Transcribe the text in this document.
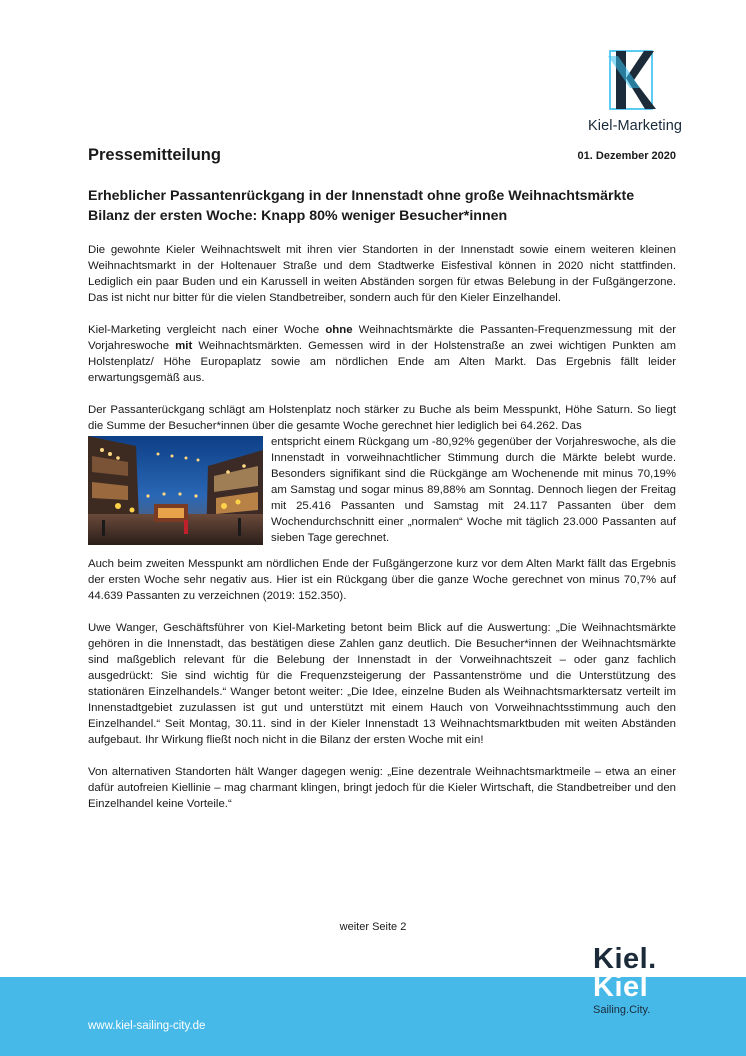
Kiel-Marketing
Pressemitteilung	01. Dezember 2020
Erheblicher Passantenrückgang in der Innenstadt ohne große Weihnachtsmärkte
Bilanz der ersten Woche: Knapp 80% weniger Besucher*innen

Die gewohnte Kieler Weihnachtswelt mit ihren vier Standorten in der Innenstadt sowie einem weiteren kleinen Weihnachtsmarkt in der Holtenauer Straße und dem Stadtwerke Eisfestival können in 2020 nicht stattfinden. Lediglich ein paar Buden und ein Karussell in weiten Abständen sorgen für etwas Belebung in der Fußgängerzone. Das ist nicht nur bitter für die vielen Standbetreiber, sondern auch für den Kieler Einzelhandel.

Kiel-Marketing vergleicht nach einer Woche ohne Weihnachtsmärkte die Passanten-Frequenzmessung mit der Vorjahreswoche mit Weihnachtsmärkten. Gemessen wird in der Holstenstraße an zwei wichtigen Punkten am Holstenplatz/ Höhe Europaplatz sowie am nördlichen Ende am Alten Markt. Das Ergebnis fällt leider erwartungsgemäß aus.

Der Passanterückgang schlägt am Holstenplatz noch stärker zu Buche als beim Messpunkt, Höhe Saturn. So liegt die Summe der Besucher*innen über die gesamte Woche gerechnet hier lediglich bei 64.262. Das

entspricht einem Rückgang um -80,92% gegenüber der Vorjahreswoche, als die Innenstadt in vorweihnachtlicher Stimmung durch die Märkte belebt wurde. Besonders signifikant sind die Rückgänge am Wochenende mit minus 70,19% am Samstag und sogar minus 89,88% am Sonntag. Dennoch liegen der Freitag mit 25.416 Passanten und Samstag mit 24.117 Passanten über dem Wochendurchschnitt einer „normalen“ Woche mit täglich 23.000 Passanten auf sieben Tage gerechnet.

Auch beim zweiten Messpunkt am nördlichen Ende der Fußgängerzone kurz vor dem Alten Markt fällt das Ergebnis der ersten Woche sehr negativ aus. Hier ist ein Rückgang über die ganze Woche gerechnet von minus 70,7% auf 44.639 Passanten zu verzeichnen (2019: 152.350).

Uwe Wanger, Geschäftsführer von Kiel-Marketing betont beim Blick auf die Auswertung: „Die Weihnachtsmärkte gehören in die Innenstadt, das bestätigen diese Zahlen ganz deutlich. Die Besucher*innen der Weihnachtsmärkte sind maßgeblich relevant für die Belebung der Innenstadt in der Vorweihnachtszeit – oder ganz fachlich ausgedrückt: Sie sind wichtig für die Frequenzsteigerung der Passantenströme und die Unterstützung des stationären Einzelhandels.“ Wanger betont weiter: „Die Idee, einzelne Buden als Weihnachtsmarktersatz verteilt im Innenstadtgebiet zuzulassen ist gut und unterstützt mit einem Hauch von Vorweihnachtsstimmung auch den Einzelhandel.“ Seit Montag, 30.11. sind in der Kieler Innenstadt 13 Weihnachtsmarktbuden mit weiten Abständen aufgebaut. Ihr Wirkung fließt noch nicht in die Bilanz der ersten Woche mit ein!

Von alternativen Standorten hält Wanger dagegen wenig: „Eine dezentrale Weihnachtsmarktmeile – etwa an einer dafür autofreien Kiellinie – mag charmant klingen, bringt jedoch für die Kieler Wirtschaft, die Standbetreiber und den Einzelhandel keine Vorteile.“

weiter Seite 2
www.kiel-sailing-city.de
Kiel.
Kiel
Sailing.City.
